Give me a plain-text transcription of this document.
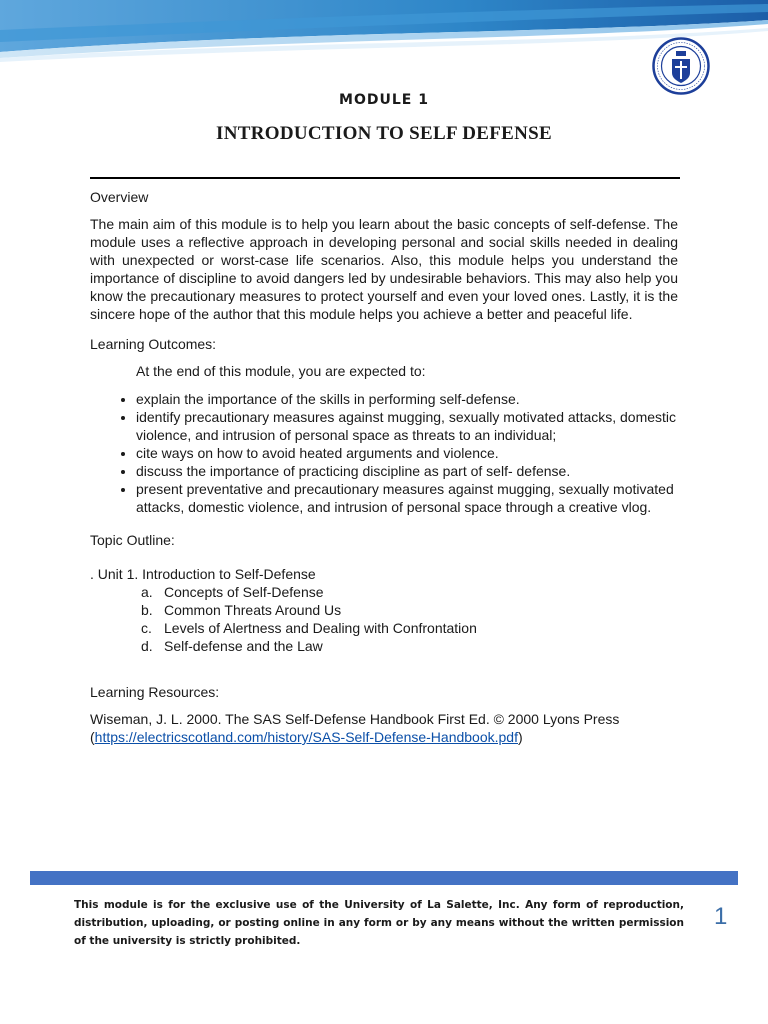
MODULE 1
INTRODUCTION TO SELF DEFENSE

Overview

The main aim of this module is to help you learn about the basic concepts of self-defense. The module uses a reflective approach in developing personal and social skills needed in dealing with unexpected or worst-case life scenarios. Also, this module helps you understand the importance of discipline to avoid dangers led by undesirable behaviors. This may also help you know the precautionary measures to protect yourself and even your loved ones. Lastly, it is the sincere hope of the author that this module helps you achieve a better and peaceful life.

Learning Outcomes:

At the end of this module, you are expected to:

• explain the importance of the skills in performing self-defense.
• identify precautionary measures against mugging, sexually motivated attacks, domestic violence, and intrusion of personal space as threats to an individual;
• cite ways on how to avoid heated arguments and violence.
• discuss the importance of practicing discipline as part of self- defense.
• present preventative and precautionary measures against mugging, sexually motivated attacks, domestic violence, and intrusion of personal space through a creative vlog.

Topic Outline:

. Unit 1. Introduction to Self-Defense

a. Concepts of Self-Defense
b. Common Threats Around Us
c. Levels of Alertness and Dealing with Confrontation
d. Self-defense and the Law

Learning Resources:

Wiseman, J. L. 2000. The SAS Self-Defense Handbook First Ed. © 2000 Lyons Press
(https://electricscotland.com/history/SAS-Self-Defense-Handbook.pdf)

This module is for the exclusive use of the University of La Salette, Inc. Any form of reproduction, distribution, uploading, or posting online in any form or by any means without the written permission of the university is strictly prohibited.
1
